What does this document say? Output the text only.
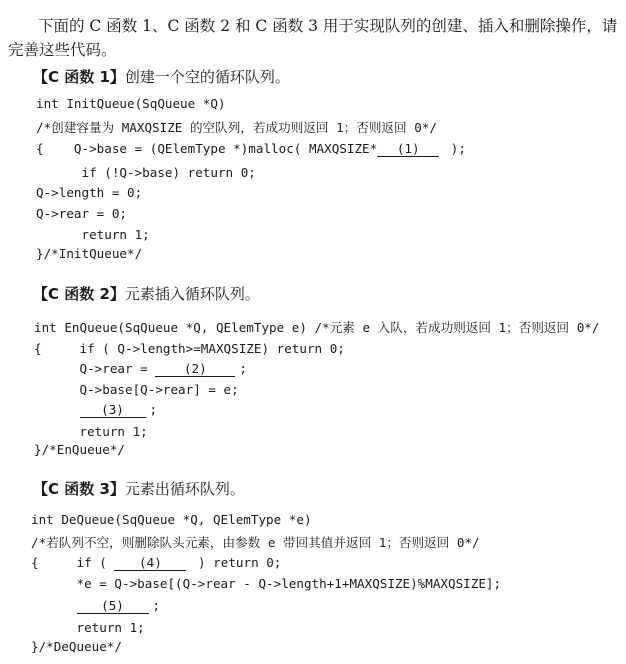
下面的 C 函数 1、C 函数 2 和 C 函数 3 用于实现队列的创建、插入和删除操作，请完善这些代码。

【C 函数 1】创建一个空的循环队列。
int InitQueue(SqQueue *Q)
/*创建容量为 MAXQSIZE 的空队列，若成功则返回 1；否则返回 0*/
{    Q->base = (QElemType *)malloc( MAXQSIZE* (1) );
if (!Q->base) return 0;
Q->length = 0;
Q->rear = 0;
return 1;
}/*InitQueue*/
【C 函数 2】元素插入循环队列。
int EnQueue(SqQueue *Q, QElemType e) /*元素 e 入队，若成功则返回 1；否则返回 0*/
{     if ( Q->length>=MAXQSIZE) return 0;
Q->rear = (2)	;
Q->base[Q->rear] = e;
(3) ;
return 1;
}/*EnQueue*/
【C 函数 3】元素出循环队列。
int DeQueue(SqQueue *Q, QElemType *e)
/*若队列不空，则删除队头元素，由参数 e 带回其值并返回 1；否则返回 0*/
{     if ( (4) ) return 0;
*e = Q->base[(Q->rear - Q->length+1+MAXQSIZE)%MAXQSIZE];
(5) ;
return 1;
}/*DeQueue*/
